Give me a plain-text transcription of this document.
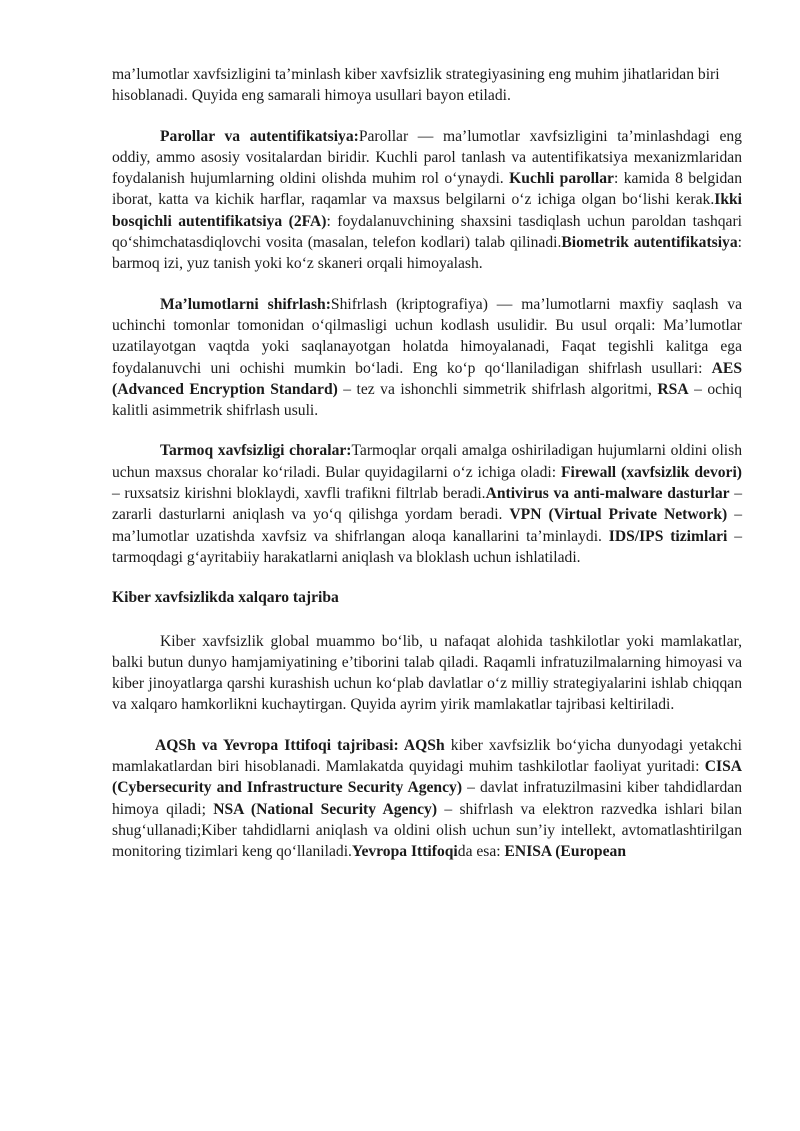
ma’lumotlar xavfsizligini ta’minlash kiber xavfsizlik strategiyasining eng muhim jihatlaridan biri hisoblanadi. Quyida eng samarali himoya usullari bayon etiladi.

Parollar va autentifikatsiya:Parollar — ma’lumotlar xavfsizligini ta’minlashdagi eng oddiy, ammo asosiy vositalardan biridir. Kuchli parol tanlash va autentifikatsiya mexanizmlaridan foydalanish hujumlarning oldini olishda muhim rol oʻynaydi. Kuchli parollar: kamida 8 belgidan iborat, katta va kichik harflar, raqamlar va maxsus belgilarni oʻz ichiga olgan boʻlishi kerak.Ikki bosqichli autentifikatsiya (2FA): foydalanuvchining shaxsini tasdiqlash uchun paroldan tashqari qoʻshimchatasdiqlovchi vosita (masalan, telefon kodlari) talab qilinadi.Biometrik autentifikatsiya: barmoq izi, yuz tanish yoki koʻz skaneri orqali himoyalash.

Ma’lumotlarni shifrlash:Shifrlash (kriptografiya) — ma’lumotlarni maxfiy saqlash va uchinchi tomonlar tomonidan oʻqilmasligi uchun kodlash usulidir. Bu usul orqali: Ma’lumotlar uzatilayotgan vaqtda yoki saqlanayotgan holatda himoyalanadi, Faqat tegishli kalitga ega foydalanuvchi uni ochishi mumkin boʻladi. Eng koʻp qoʻllaniladigan shifrlash usullari: AES (Advanced Encryption Standard) – tez va ishonchli simmetrik shifrlash algoritmi, RSA – ochiq kalitli asimmetrik shifrlash usuli.

Tarmoq xavfsizligi choralar:Tarmoqlar orqali amalga oshiriladigan hujumlarni oldini olish uchun maxsus choralar koʻriladi. Bular quyidagilarni oʻz ichiga oladi: Firewall (xavfsizlik devori) – ruxsatsiz kirishni bloklaydi, xavfli trafikni filtrlab beradi.Antivirus va anti-malware dasturlar – zararli dasturlarni aniqlash va yoʻq qilishga yordam beradi. VPN (Virtual Private Network) – ma’lumotlar uzatishda xavfsiz va shifrlangan aloqa kanallarini ta’minlaydi. IDS/IPS tizimlari – tarmoqdagi gʻayritabiiy harakatlarni aniqlash va bloklash uchun ishlatiladi.

Kiber xavfsizlikda xalqaro tajriba

Kiber xavfsizlik global muammo boʻlib, u nafaqat alohida tashkilotlar yoki mamlakatlar, balki butun dunyo hamjamiyatining e’tiborini talab qiladi. Raqamli infratuzilmalarning himoyasi va kiber jinoyatlarga qarshi kurashish uchun koʻplab davlatlar oʻz milliy strategiyalarini ishlab chiqqan va xalqaro hamkorlikni kuchaytirgan. Quyida ayrim yirik mamlakatlar tajribasi keltiriladi.

AQSh va Yevropa Ittifoqi tajribasi: AQSh kiber xavfsizlik boʻyicha dunyodagi yetakchi mamlakatlardan biri hisoblanadi. Mamlakatda quyidagi muhim tashkilotlar faoliyat yuritadi: CISA (Cybersecurity and Infrastructure Security Agency) – davlat infratuzilmasini kiber tahdidlardan himoya qiladi; NSA (National Security Agency) – shifrlash va elektron razvedka ishlari bilan shugʻullanadi;Kiber tahdidlarni aniqlash va oldini olish uchun sun’iy intellekt, avtomatlashtirilgan monitoring tizimlari keng qoʻllaniladi.Yevropa Ittifoqida esa: ENISA (European
